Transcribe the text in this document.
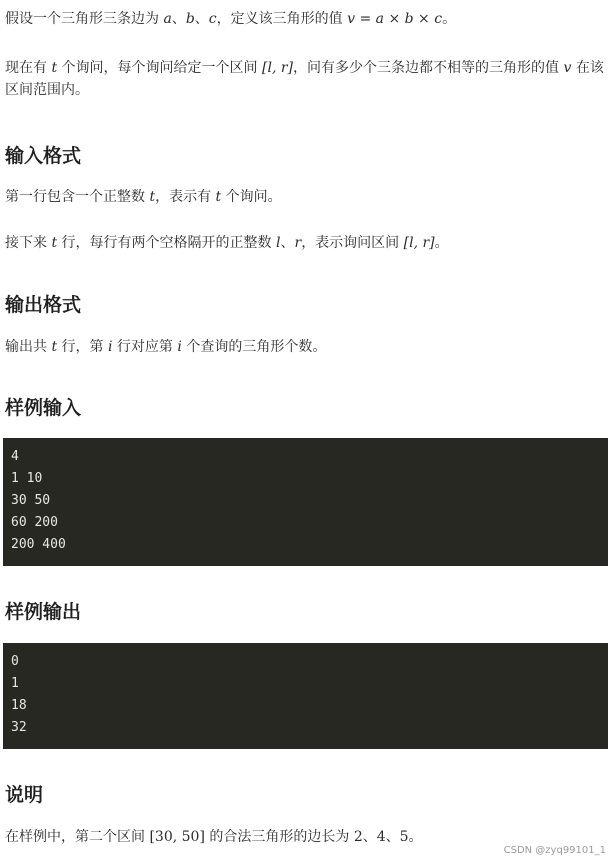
假设一个三角形三条边为 a、b、c，定义该三角形的值 v = a × b × c。

现在有 t 个询问，每个询问给定一个区间 [l, r]，问有多少个三条边都不相等的三角形的值 v 在该区间范围内。

输入格式

第一行包含一个正整数 t，表示有 t 个询问。

接下来 t 行，每行有两个空格隔开的正整数 l、r，表示询问区间 [l, r]。

输出格式

输出共 t 行，第 i 行对应第 i 个查询的三角形个数。

样例输入
4
1 10
30 50
60 200
200 400
样例输出
0
1
18
32
说明

在样例中，第二个区间 [30, 50] 的合法三角形的边长为 2、4、5。

CSDN @zyq99101_1
